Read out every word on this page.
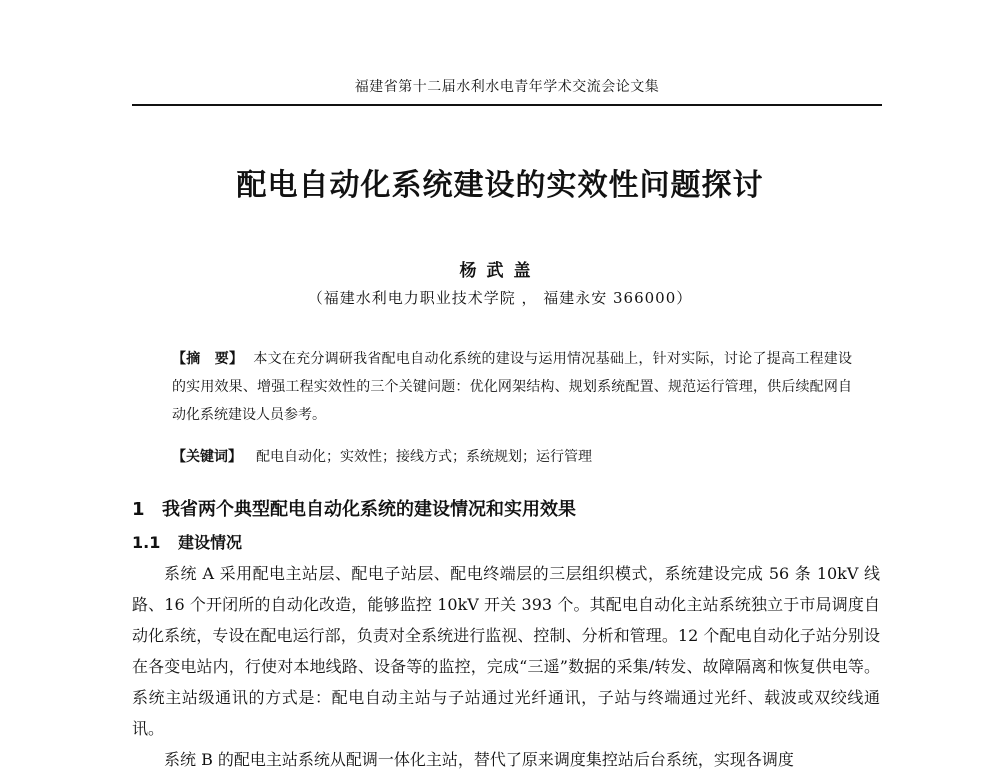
福建省第十二届水利水电青年学术交流会论文集
配电自动化系统建设的实效性问题探讨
杨武盖
（福建水利电力职业技术学院 ， 福建永安 366000）
【摘　要】 本文在充分调研我省配电自动化系统的建设与运用情况基础上，针对实际，讨论了提高工程建设的实用效果、增强工程实效性的三个关键问题：优化网架结构、规划系统配置、规范运行管理，供后续配网自动化系统建设人员参考。
【关键词】 配电自动化；实效性；接线方式；系统规划；运行管理
1 我省两个典型配电自动化系统的建设情况和实用效果
1.1 建设情况

系统 A 采用配电主站层、配电子站层、配电终端层的三层组织模式，系统建设完成 56 条 10kV 线路、16 个开闭所的自动化改造，能够监控 10kV 开关 393 个。其配电自动化主站系统独立于市局调度自动化系统，专设在配电运行部，负责对全系统进行监视、控制、分析和管理。12 个配电自动化子站分别设在各变电站内，行使对本地线路、设备等的监控，完成“三遥”数据的采集/转发、故障隔离和恢复供电等。系统主站级通讯的方式是：配电自动主站与子站通过光纤通讯，子站与终端通过光纤、载波或双绞线通讯。

系统 B 的配电主站系统从配调一体化主站，替代了原来调度集控站后台系统，实现各调度
